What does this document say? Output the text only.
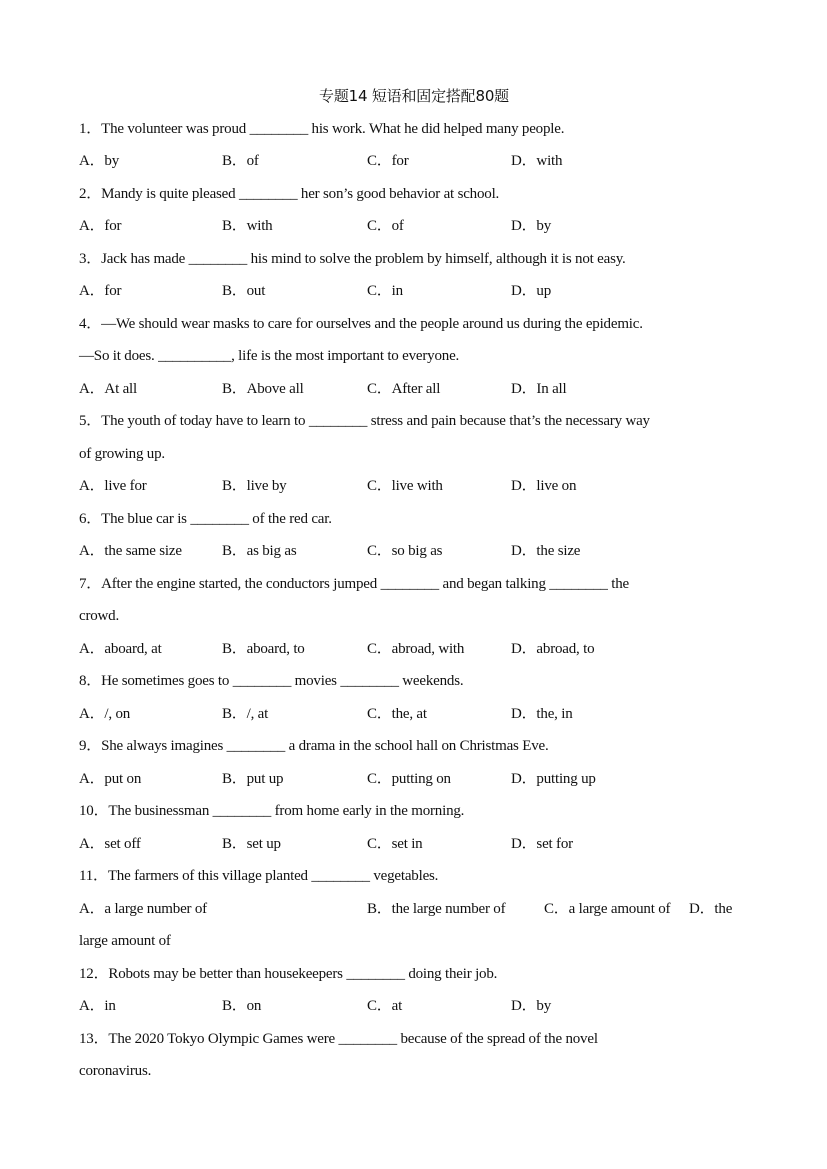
专题14 短语和固定搭配80题
1．The volunteer was proud ________ his work. What he did helped many people.
A．by	B．of	C．for	D．with
2．Mandy is quite pleased ________ her son’s good behavior at school.
A．for	B．with	C．of	D．by
3．Jack has made ________ his mind to solve the problem by himself, although it is not easy.
A．for	B．out	C．in	D．up
4．—We should wear masks to care for ourselves and the people around us during the epidemic.
—So it does. __________, life is the most important to everyone.
A．At all	B．Above all	C．After all	D．In all
5．The youth of today have to learn to ________ stress and pain because that’s the necessary way
of growing up.
A．live for	B．live by	C．live with	D．live on
6．The blue car is ________ of the red car.
A．the same size	B．as big as	C．so big as	D．the size
7．After the engine started, the conductors jumped ________ and began talking ________ the
crowd.
A．aboard, at	B．aboard, to	C．abroad, with	D．abroad, to
8．He sometimes goes to ________ movies ________ weekends.
A．/, on	B．/, at	C．the, at	D．the, in
9．She always imagines ________ a drama in the school hall on Christmas Eve.
A．put on	B．put up	C．putting on	D．putting up
10．The businessman ________ from home early in the morning.
A．set off	B．set up	C．set in	D．set for
11．The farmers of this village planted ________ vegetables.
A．a large number of	B．the large number of	C．a large amount of D．the
large amount of
12．Robots may be better than housekeepers ________ doing their job.
A．in	B．on	C．at	D．by
13．The 2020 Tokyo Olympic Games were ________ because of the spread of the novel
coronavirus.
